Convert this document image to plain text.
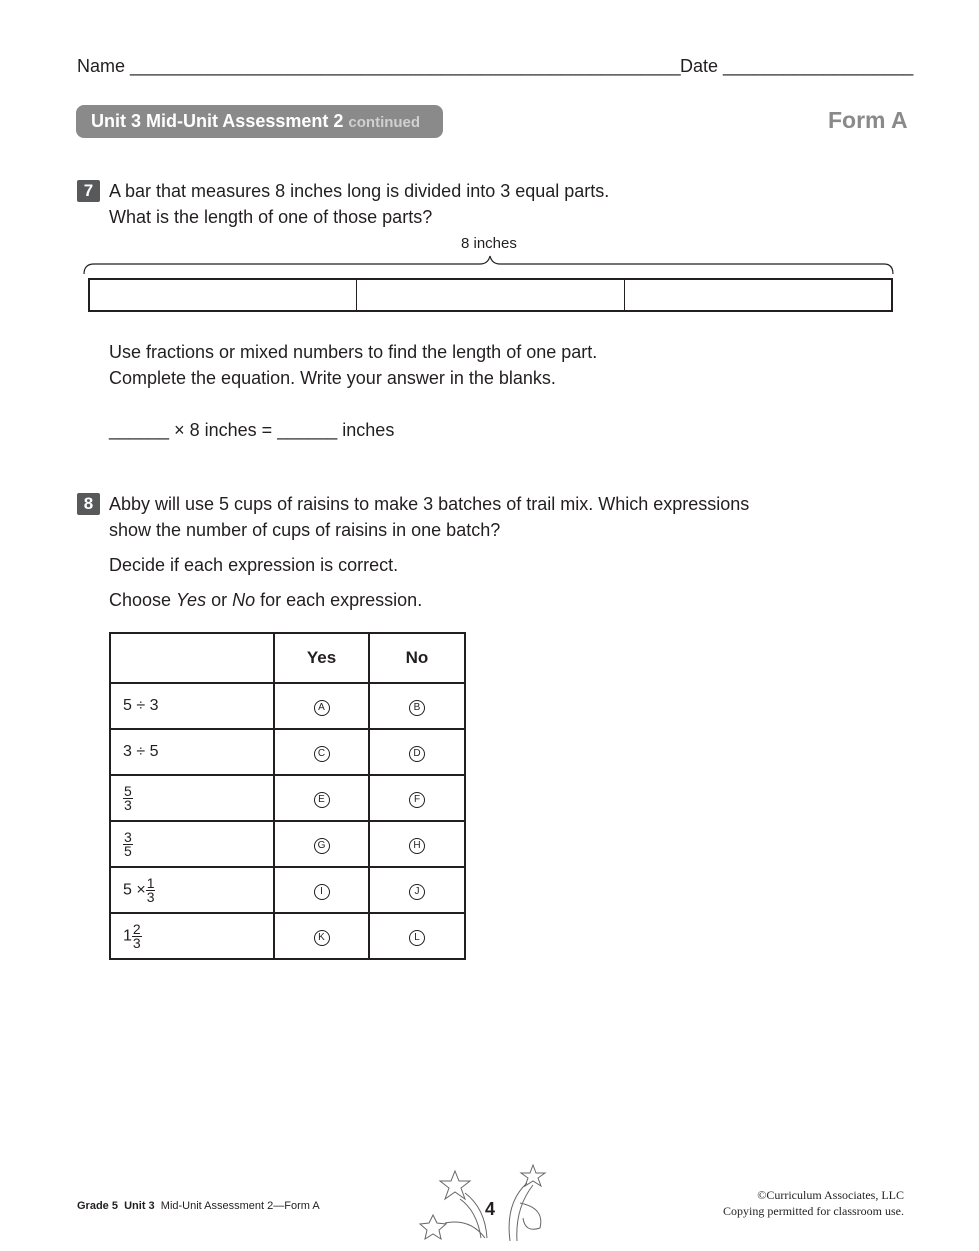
Name _______________________________________________________ Date ___________________
Unit 3 Mid-Unit Assessment 2 continued	Form A
7 A bar that measures 8 inches long is divided into 3 equal parts.
What is the length of one of those parts?
8 inches
Use fractions or mixed numbers to find the length of one part.
Complete the equation. Write your answer in the blanks.
______ × 8 inches = ______ inches
8 Abby will use 5 cups of raisins to make 3 batches of trail mix. Which expressions
show the number of cups of raisins in one batch?
Decide if each expression is correct.
Choose Yes or No for each expression.
	Yes	No
5 ÷ 3	A	B
3 ÷ 5	C	D

$\frac{5}{3}$	E	F

$\frac{3}{5}$	G	H
$5 \times \frac{1}{3}$	I	J
$1 \frac{2}{3}$	K	L
Grade 5 Unit 3 Mid-Unit Assessment 2—Form A	4
©Curriculum Associates, LLC
Copying permitted for classroom use.
